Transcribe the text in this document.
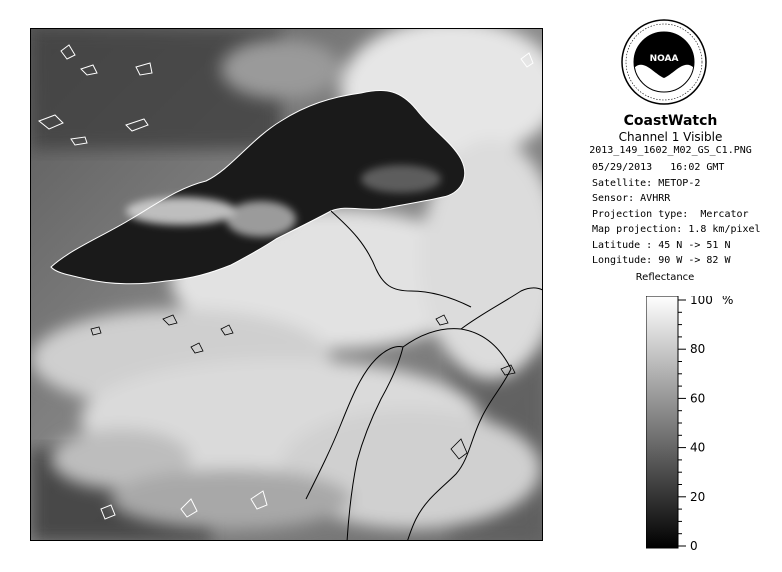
NOAA
CoastWatch
Channel 1 Visible
2013_149_1602_M02_GS_C1.PNG
05/29/2013   16:02 GMT
Satellite: METOP-2
Sensor: AVHRR
Projection type:  Mercator
Map projection: 1.8 km/pixel
Latitude : 45 N -> 51 N
Longitude: 90 W -> 82 W
Reflectance
%
100
80
60
40
20
0
